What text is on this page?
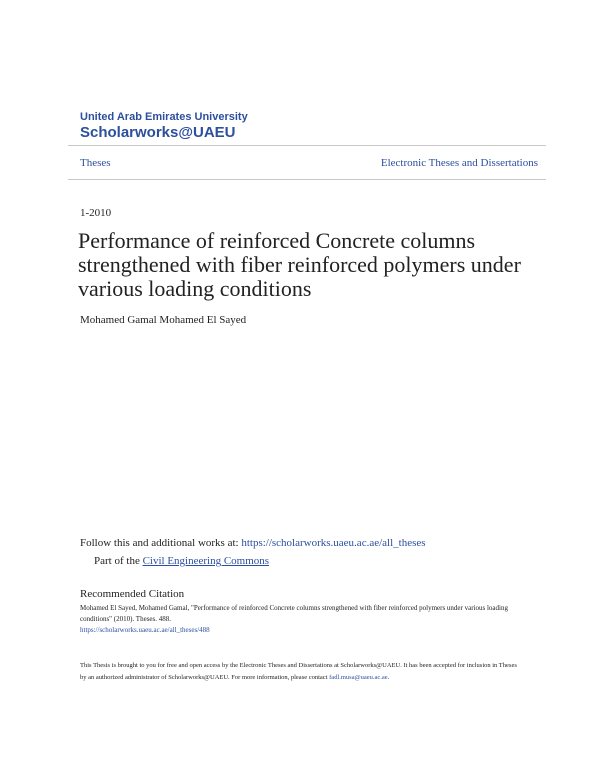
United Arab Emirates University
Scholarworks@UAEU
Theses	Electronic Theses and Dissertations
1-2010
Performance of reinforced Concrete columns strengthened with fiber reinforced polymers under various loading conditions
Mohamed Gamal Mohamed El Sayed
Follow this and additional works at: https://scholarworks.uaeu.ac.ae/all_theses
Part of the Civil Engineering Commons
Recommended Citation
Mohamed El Sayed, Mohamed Gamal, "Performance of reinforced Concrete columns strengthened with fiber reinforced polymers under various loading conditions" (2010). Theses. 488.
https://scholarworks.uaeu.ac.ae/all_theses/488
This Thesis is brought to you for free and open access by the Electronic Theses and Dissertations at Scholarworks@UAEU. It has been accepted for inclusion in Theses by an authorized administrator of Scholarworks@UAEU. For more information, please contact fadl.musa@uaeu.ac.ae.
